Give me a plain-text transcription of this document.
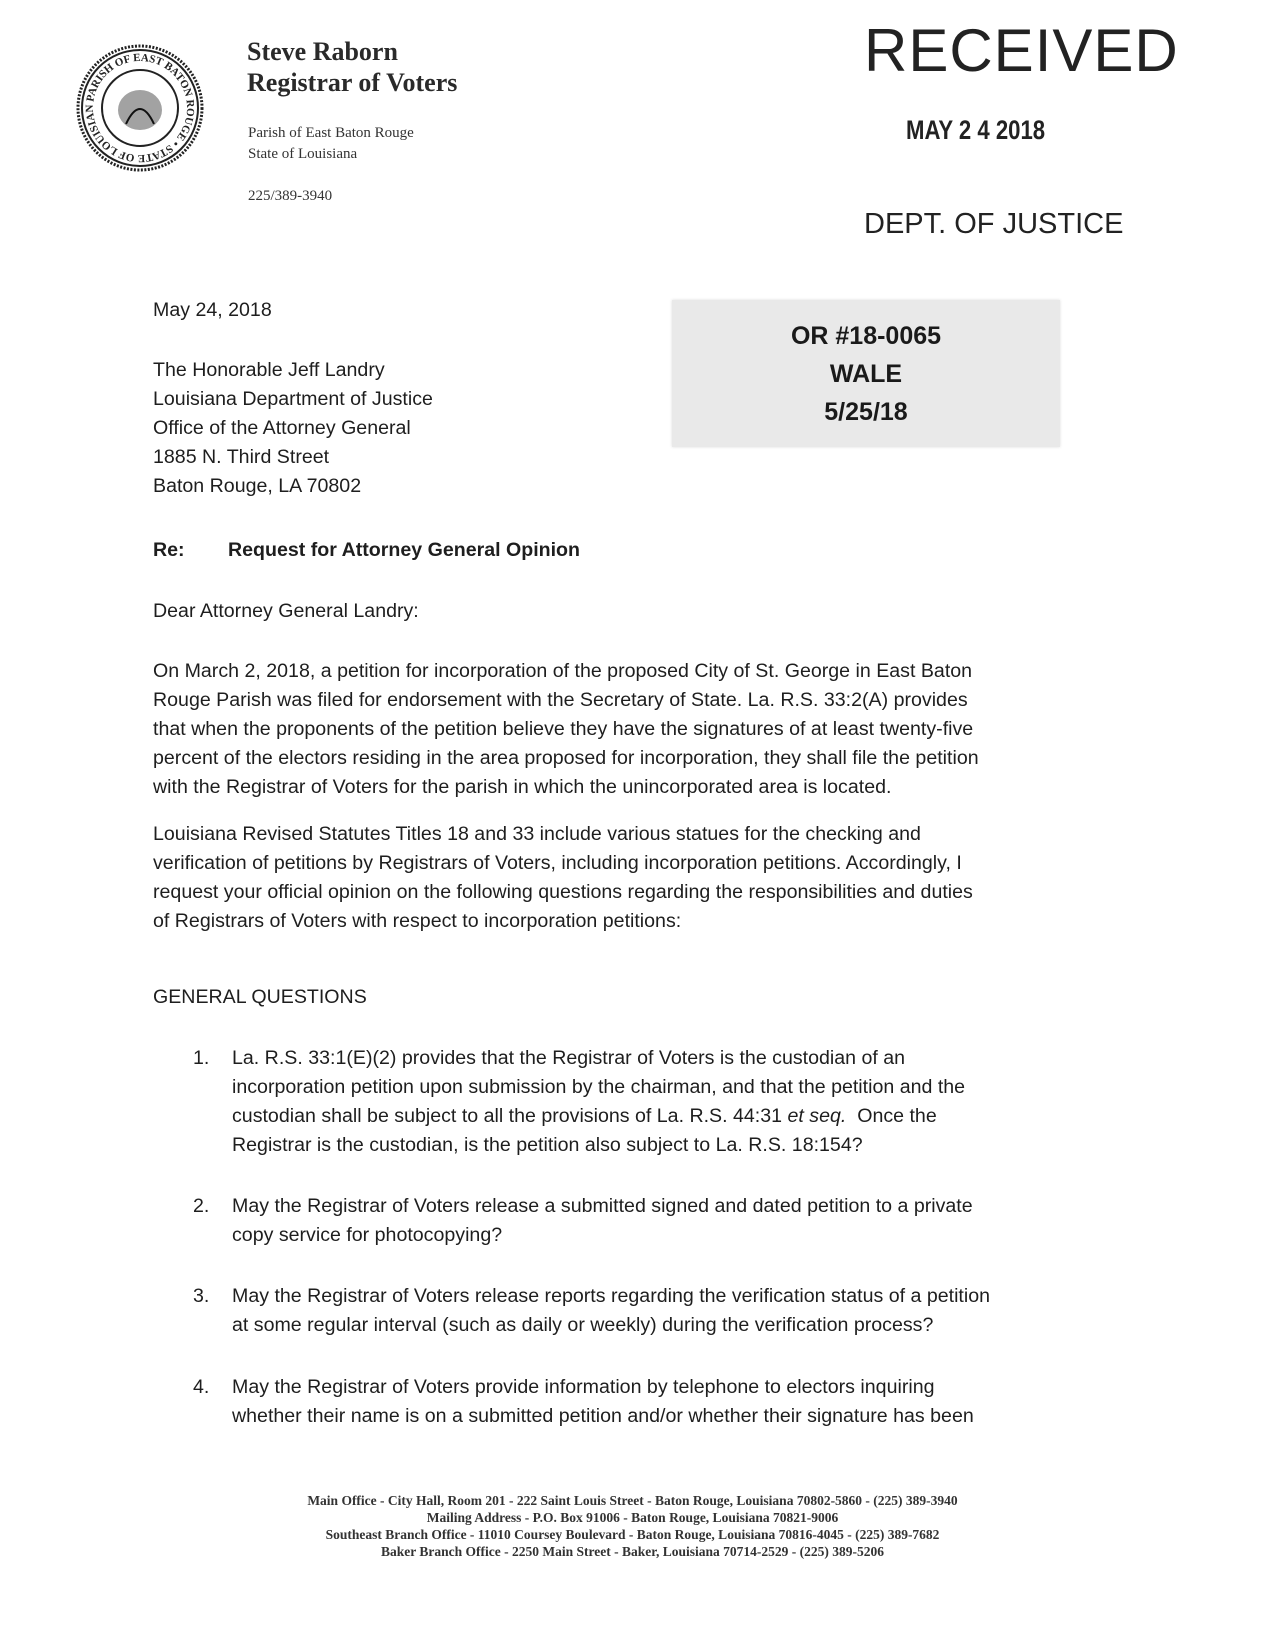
PARISH OF EAST BATON ROUGE • STATE OF LOUISIAN
Steve Raborn
Registrar of Voters
Parish of East Baton Rouge
State of Louisiana
225/389-3940
RECEIVED
MAY 2 4 2018
DEPT. OF JUSTICE
OR #18-0065
WALE
5/25/18
May 24, 2018
The Honorable Jeff Landry
Louisiana Department of Justice
Office of the Attorney General
1885 N. Third Street
Baton Rouge, LA 70802
Re: Request for Attorney General Opinion
Dear Attorney General Landry:
On March 2, 2018, a petition for incorporation of the proposed City of St. George in East Baton
Rouge Parish was filed for endorsement with the Secretary of State. La. R.S. 33:2(A) provides
that when the proponents of the petition believe they have the signatures of at least twenty-five
percent of the electors residing in the area proposed for incorporation, they shall file the petition
with the Registrar of Voters for the parish in which the unincorporated area is located.
Louisiana Revised Statutes Titles 18 and 33 include various statues for the checking and
verification of petitions by Registrars of Voters, including incorporation petitions. Accordingly, I
request your official opinion on the following questions regarding the responsibilities and duties
of Registrars of Voters with respect to incorporation petitions:
GENERAL QUESTIONS
1. La. R.S. 33:1(E)(2) provides that the Registrar of Voters is the custodian of an
incorporation petition upon submission by the chairman, and that the petition and the
custodian shall be subject to all the provisions of La. R.S. 44:31 et seq.  Once the
Registrar is the custodian, is the petition also subject to La. R.S. 18:154?
2. May the Registrar of Voters release a submitted signed and dated petition to a private
copy service for photocopying?
3. May the Registrar of Voters release reports regarding the verification status of a petition
at some regular interval (such as daily or weekly) during the verification process?
4. May the Registrar of Voters provide information by telephone to electors inquiring
whether their name is on a submitted petition and/or whether their signature has been
Main Office - City Hall, Room 201 - 222 Saint Louis Street - Baton Rouge, Louisiana 70802-5860 - (225) 389-3940
Mailing Address - P.O. Box 91006 - Baton Rouge, Louisiana 70821-9006
Southeast Branch Office - 11010 Coursey Boulevard - Baton Rouge, Louisiana 70816-4045 - (225) 389-7682
Baker Branch Office - 2250 Main Street - Baker, Louisiana 70714-2529 - (225) 389-5206
